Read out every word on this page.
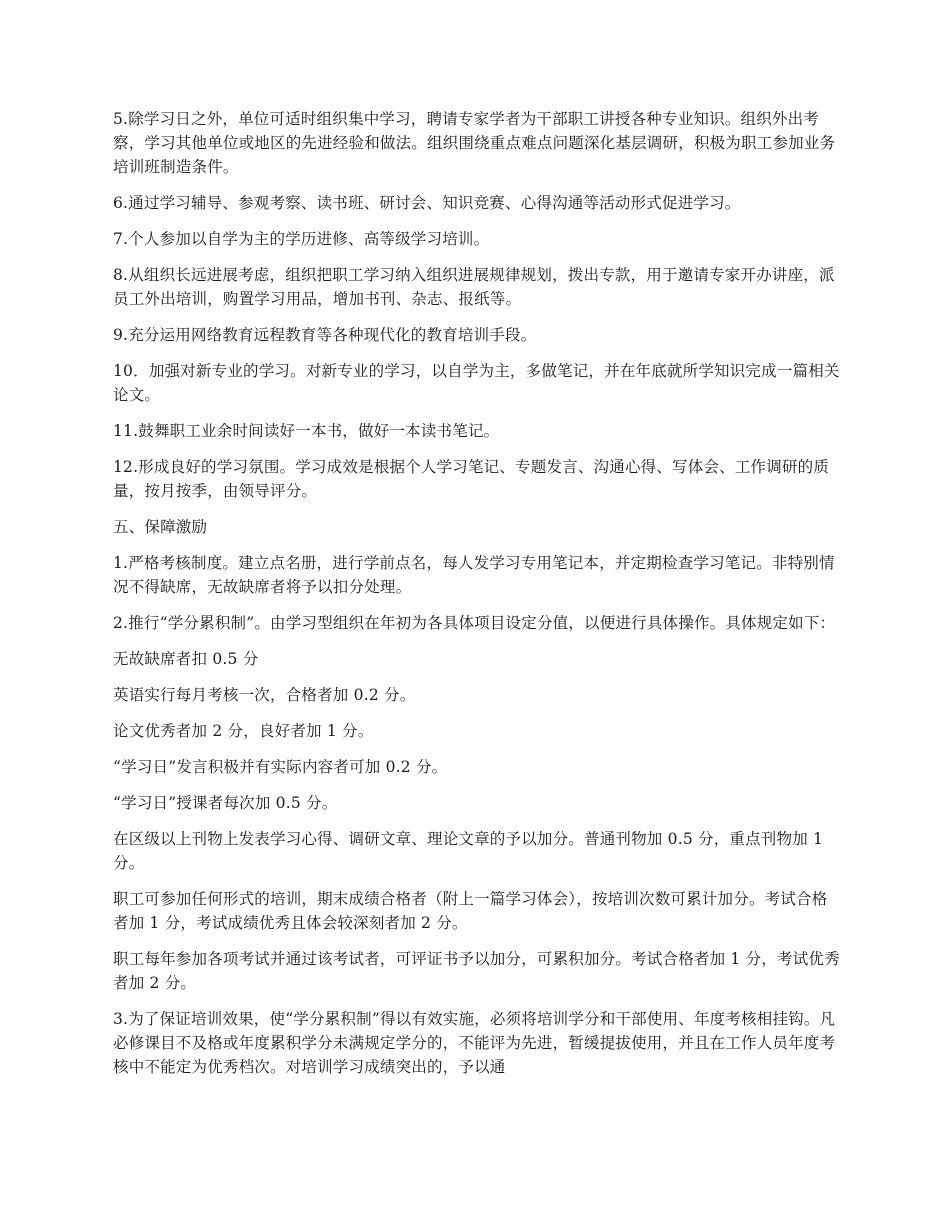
5.除学习日之外，单位可适时组织集中学习，聘请专家学者为干部职工讲授各种专业知识。组织外出考察，学习其他单位或地区的先进经验和做法。组织围绕重点难点问题深化基层调研，积极为职工参加业务培训班制造条件。

6.通过学习辅导、参观考察、读书班、研讨会、知识竞赛、心得沟通等活动形式促进学习。

7.个人参加以自学为主的学历进修、高等级学习培训。

8.从组织长远进展考虑，组织把职工学习纳入组织进展规律规划，拨出专款，用于邀请专家开办讲座，派员工外出培训，购置学习用品，增加书刊、杂志、报纸等。

9.充分运用网络教育远程教育等各种现代化的教育培训手段。

10．加强对新专业的学习。对新专业的学习，以自学为主，多做笔记，并在年底就所学知识完成一篇相关论文。

11.鼓舞职工业余时间读好一本书，做好一本读书笔记。

12.形成良好的学习氛围。学习成效是根据个人学习笔记、专题发言、沟通心得、写体会、工作调研的质量，按月按季，由领导评分。

五、保障激励

1.严格考核制度。建立点名册，进行学前点名，每人发学习专用笔记本，并定期检查学习笔记。非特别情况不得缺席，无故缺席者将予以扣分处理。

2.推行“学分累积制”。由学习型组织在年初为各具体项目设定分值，以便进行具体操作。具体规定如下：

无故缺席者扣 0.5 分

英语实行每月考核一次，合格者加 0.2 分。

论文优秀者加 2 分，良好者加 1 分。

“学习日”发言积极并有实际内容者可加 0.2 分。

“学习日”授课者每次加 0.5 分。

在区级以上刊物上发表学习心得、调研文章、理论文章的予以加分。普通刊物加 0.5 分，重点刊物加 1 分。

职工可参加任何形式的培训，期末成绩合格者（附上一篇学习体会），按培训次数可累计加分。考试合格者加 1 分，考试成绩优秀且体会较深刻者加 2 分。

职工每年参加各项考试并通过该考试者，可评证书予以加分，可累积加分。考试合格者加 1 分，考试优秀者加 2 分。

3.为了保证培训效果，使“学分累积制”得以有效实施，必须将培训学分和干部使用、年度考核相挂钩。凡必修课目不及格或年度累积学分未满规定学分的，不能评为先进，暂缓提拔使用，并且在工作人员年度考核中不能定为优秀档次。对培训学习成绩突出的，予以通
